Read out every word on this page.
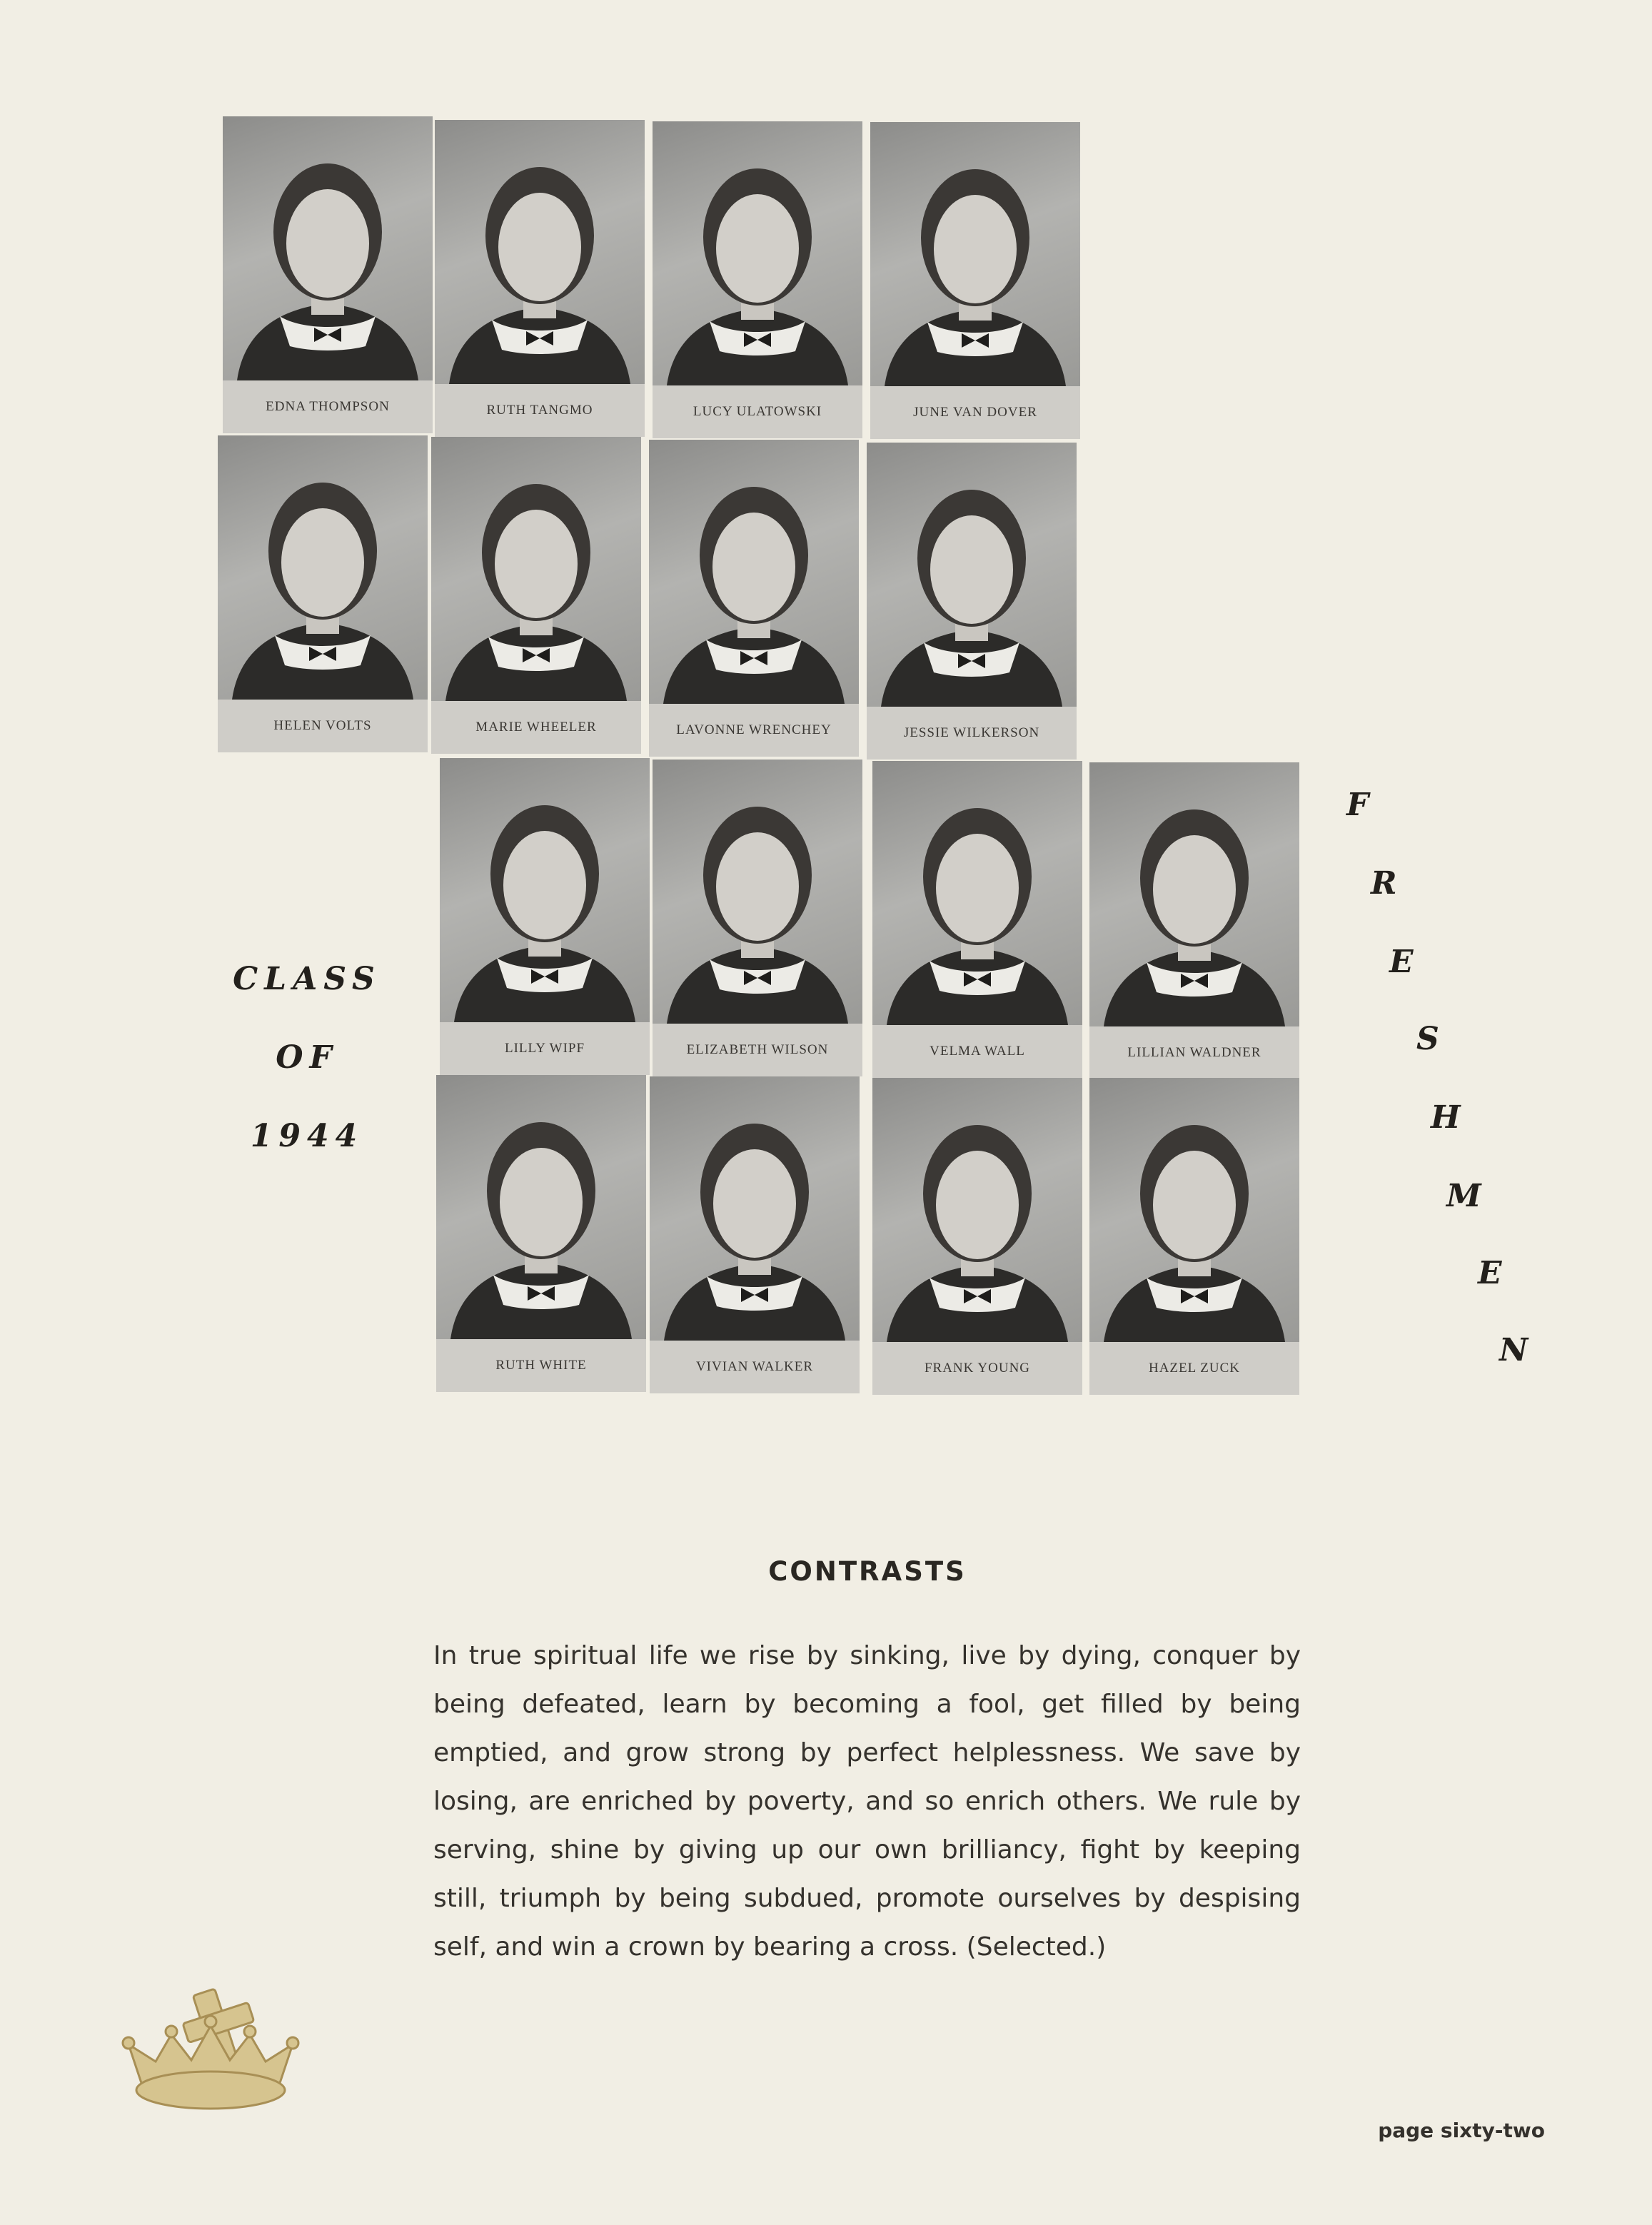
EDNA THOMPSON	RUTH TANGMO	LUCY ULATOWSKI	JUNE VAN DOVER
HELEN VOLTS	MARIE WHEELER	LAVONNE WRENCHEY	JESSIE WILKERSON
LILLY WIPF	ELIZABETH WILSON	VELMA WALL	LILLIAN WALDNER
RUTH WHITE	VIVIAN WALKER	FRANK YOUNG	HAZEL ZUCK
CLASS
OF
1944
F
R
E
S
H
M
E
N
CONTRASTS

In true spiritual life we rise by sinking, live by dying, conquer by being defeated, learn by becoming a fool, get filled by being emptied, and grow strong by perfect helplessness. We save by losing, are enriched by poverty, and so enrich others. We rule by serving, shine by giving up our own brilliancy, fight by keeping still, triumph by being subdued, promote ourselves by despising self, and win a crown by bearing a cross. (Selected.)

page sixty-two
